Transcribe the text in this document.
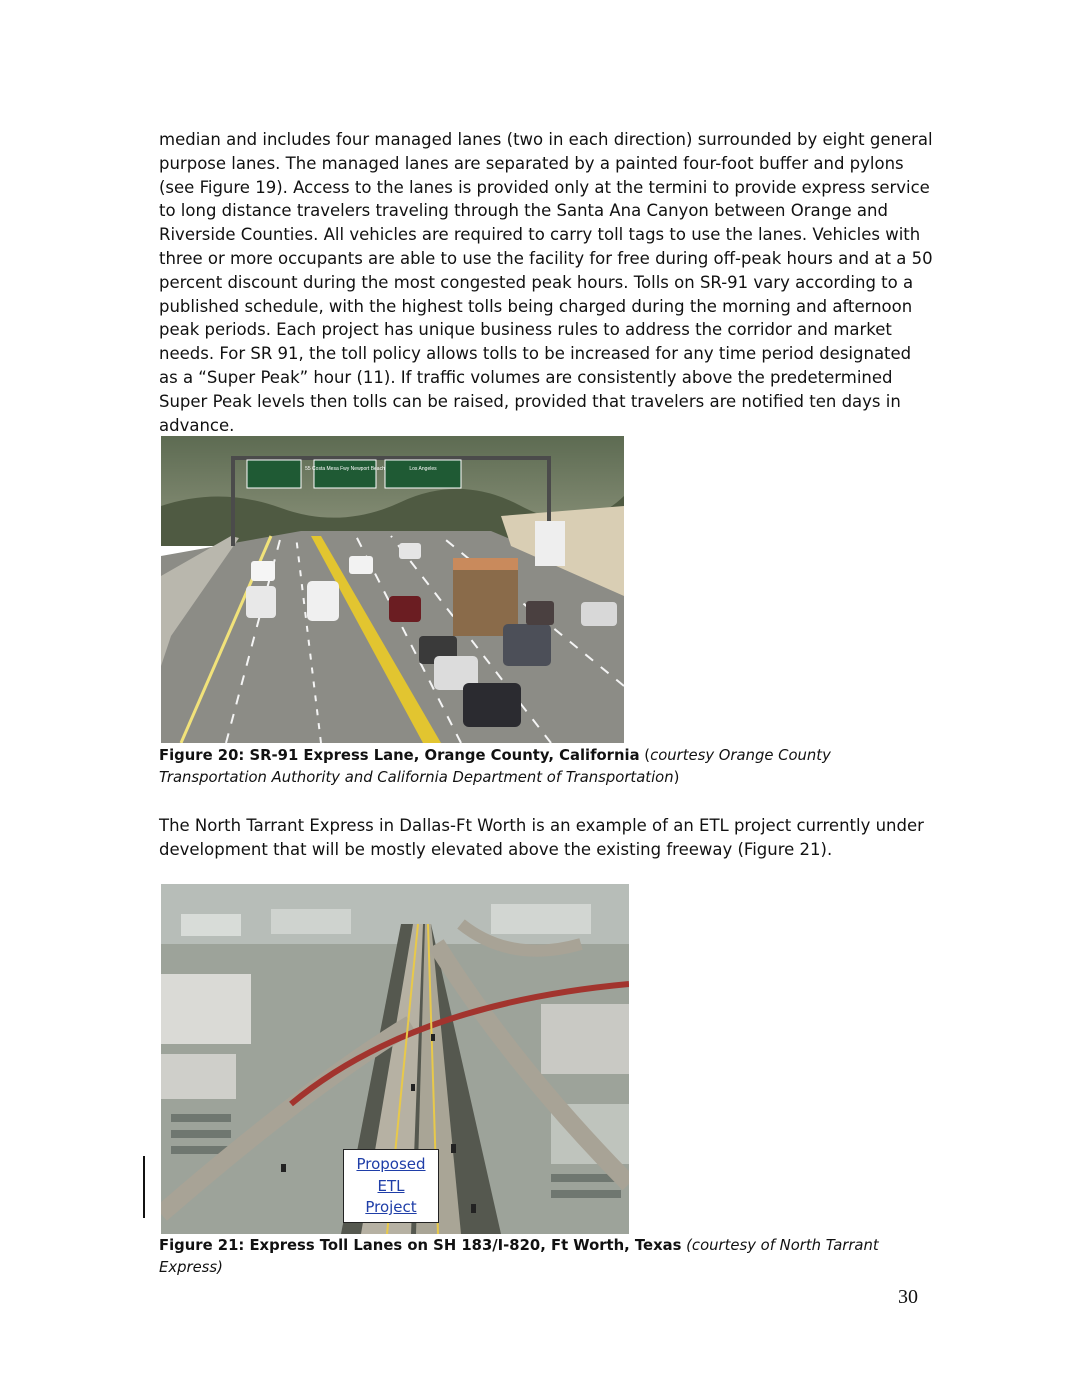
median and includes four managed lanes (two in each direction) surrounded by eight general purpose lanes. The managed lanes are separated by a painted four-foot buffer and pylons (see Figure 19). Access to the lanes is provided only at the termini to provide express service to long distance travelers traveling through the Santa Ana Canyon between Orange and Riverside Counties. All vehicles are required to carry toll tags to use the lanes. Vehicles with three or more occupants are able to use the facility for free during off-peak hours and at a 50 percent discount during the most congested peak hours. Tolls on SR-91 vary according to a published schedule, with the highest tolls being charged during the morning and afternoon peak periods. Each project has unique business rules to address the corridor and market needs. For SR 91, the toll policy allows tolls to be increased for any time period designated as a “Super Peak” hour (11). If traffic volumes are consistently above the predetermined Super Peak levels then tolls can be raised, provided that travelers are notified ten days in advance.

55 Costa Mesa Fwy Newport Beach	Los Angeles

Figure 20: SR-91 Express Lane, Orange County, California (courtesy Orange County Transportation Authority and California Department of Transportation)

The North Tarrant Express in Dallas-Ft Worth is an example of an ETL project currently under development that will be mostly elevated above the existing freeway (Figure 21).

Proposed
ETL
Project

Figure 21: Express Toll Lanes on SH 183/I-820, Ft Worth, Texas (courtesy of North Tarrant Express)

30
